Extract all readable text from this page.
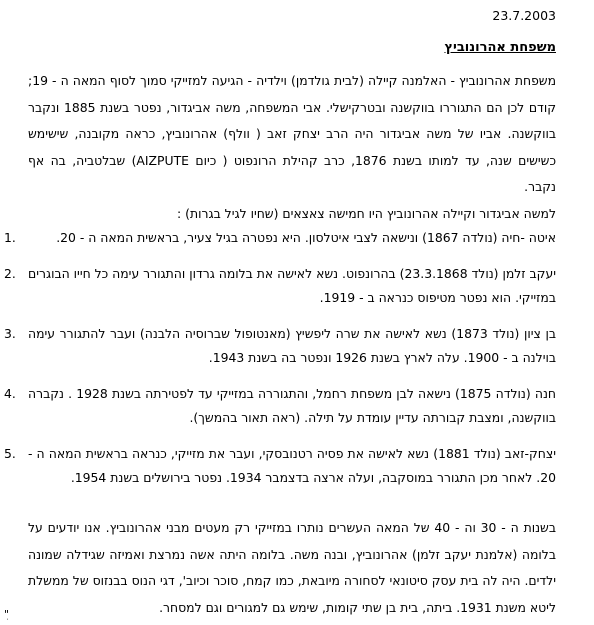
23.7.2003
משפחת אהרונוביץ
משפחת אהרונוביץ - האלמנה קיילה (לבית גולדמן) וילדיה - הגיעה למזייקי סמוך לסוף המאה ה - 19; קודם לכן הם התגוררו בווקשנה ובטרקישלי. אבי המשפחה, משה אביגדור, נפטר בשנת 1885 ונקבר בווקשנה. אביו של משה אביגדור היה הרב יצחק זאב ( וולף) אהרונוביץ, כראה מקובנה, שישימש כשישים שנה, עד למותו בשנת 1876, כרב קהילת הרונפוט ( כיום AIZPUTE) שבלטביה, בה אף נקבר.
למשה אביגדור וקיילה אהרונוביץ היו חמישה צאצאים (שחיו לגיל בגרות) :
1.	איטה -חיה (נולדה 1867) ונישאה לצבי איטלסון. היא נפטרה בגיל צעיר, בראשית המאה ה - 20.
2. יעקב זלמן (נולד 23.3.1868) בהרונפוט. נשא לאישה את בלומה גרדון והתגורר עימה כל חייו הבוגרים במזייקי. הוא נפטר מטיפוס כנראה ב - 1919.
3. בן ציון (נולד 1873) נשא לאישה את שרה ליפשיץ (מאנטופול שברוסיה הלבנה) ועבר להתגורר עימה בוילנה ב - 1900. עלה לארץ בשנת 1926 ונפטר בה בשנת 1943.
4. חנה (נולדה 1875) נישאה לבן משפחת רחמל, והתגוררה במזייקי עד לפטירתה בשנת 1928 . נקברה בווקשנה, ומצבת קבורתה עדיין עומדת על תילה. (ראה תאור בהמשך).
5. יצחק-זאב (נולד 1881) נשא לאישה את פסיה רטנובסקי, ועבר את מזייקי, כנראה בראשית המאה ה - 20. לאחר מכן התגורר במוסקבה, ועלה ארצה בדצמבר 1934. נפטר בירושלים בשנת 1954.
בשנות ה - 30 וה - 40 של המאה העשרים נותרו במזייקי רק מעטים מבני אהרונוביץ. אנו יודעים על בלומה (אלמנת יעקב זלמן) אהרונוביץ, ובנה משה. בלומה היתה אשה נמרצת ואמיזה שגידלה שמונה ילדים. היה לה בית עסק סיטונאי לסחורה מיובאת, כמו קמח, סוכר וכיוב', דגי הנוס בבנזוס של ממשלת ליטא משנת 1931. ביתה, בית בן שתי קומות, שימש גם למגורים וגם למסחר.
ִ"
